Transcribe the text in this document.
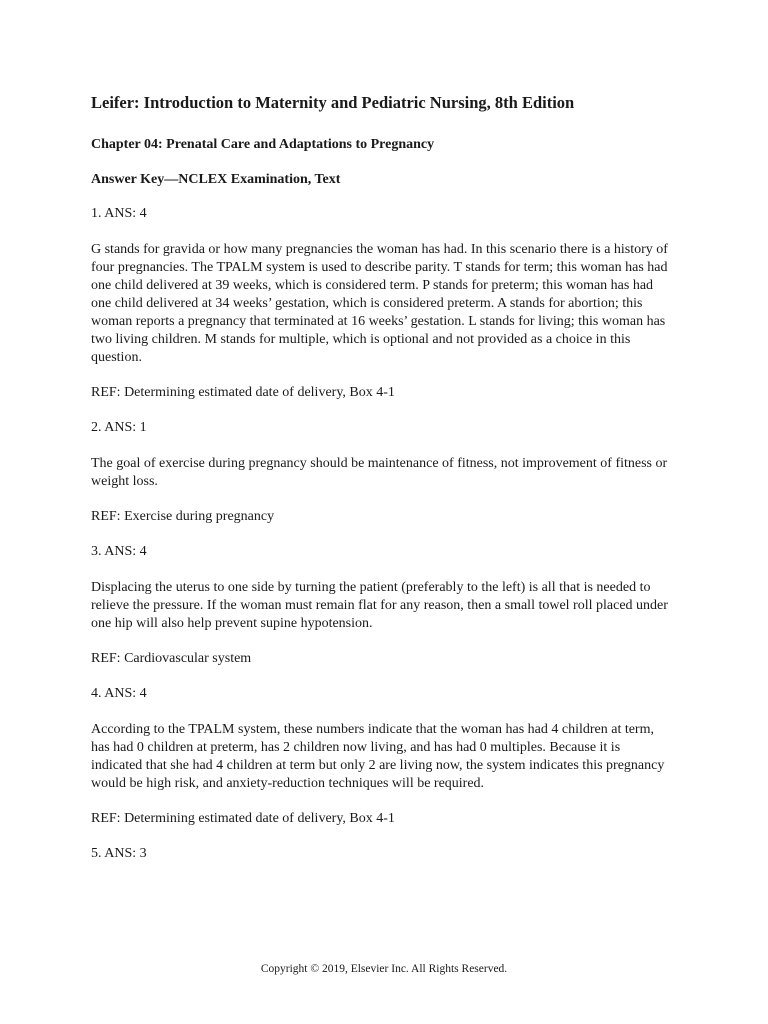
Leifer: Introduction to Maternity and Pediatric Nursing, 8th Edition
Chapter 04: Prenatal Care and Adaptations to Pregnancy
Answer Key—NCLEX Examination, Text

1. ANS: 4

G stands for gravida or how many pregnancies the woman has had. In this scenario there is a history of four pregnancies. The TPALM system is used to describe parity. T stands for term; this woman has had one child delivered at 39 weeks, which is considered term. P stands for preterm; this woman has had one child delivered at 34 weeks’ gestation, which is considered preterm. A stands for abortion; this woman reports a pregnancy that terminated at 16 weeks’ gestation. L stands for living; this woman has two living children. M stands for multiple, which is optional and not provided as a choice in this question.

REF: Determining estimated date of delivery, Box 4-1

2. ANS: 1

The goal of exercise during pregnancy should be maintenance of fitness, not improvement of fitness or weight loss.

REF: Exercise during pregnancy

3. ANS: 4

Displacing the uterus to one side by turning the patient (preferably to the left) is all that is needed to relieve the pressure. If the woman must remain flat for any reason, then a small towel roll placed under one hip will also help prevent supine hypotension.

REF: Cardiovascular system

4. ANS: 4

According to the TPALM system, these numbers indicate that the woman has had 4 children at term, has had 0 children at preterm, has 2 children now living, and has had 0 multiples. Because it is indicated that she had 4 children at term but only 2 are living now, the system indicates this pregnancy would be high risk, and anxiety-reduction techniques will be required.

REF: Determining estimated date of delivery, Box 4-1

5. ANS: 3

Copyright © 2019, Elsevier Inc. All Rights Reserved.
